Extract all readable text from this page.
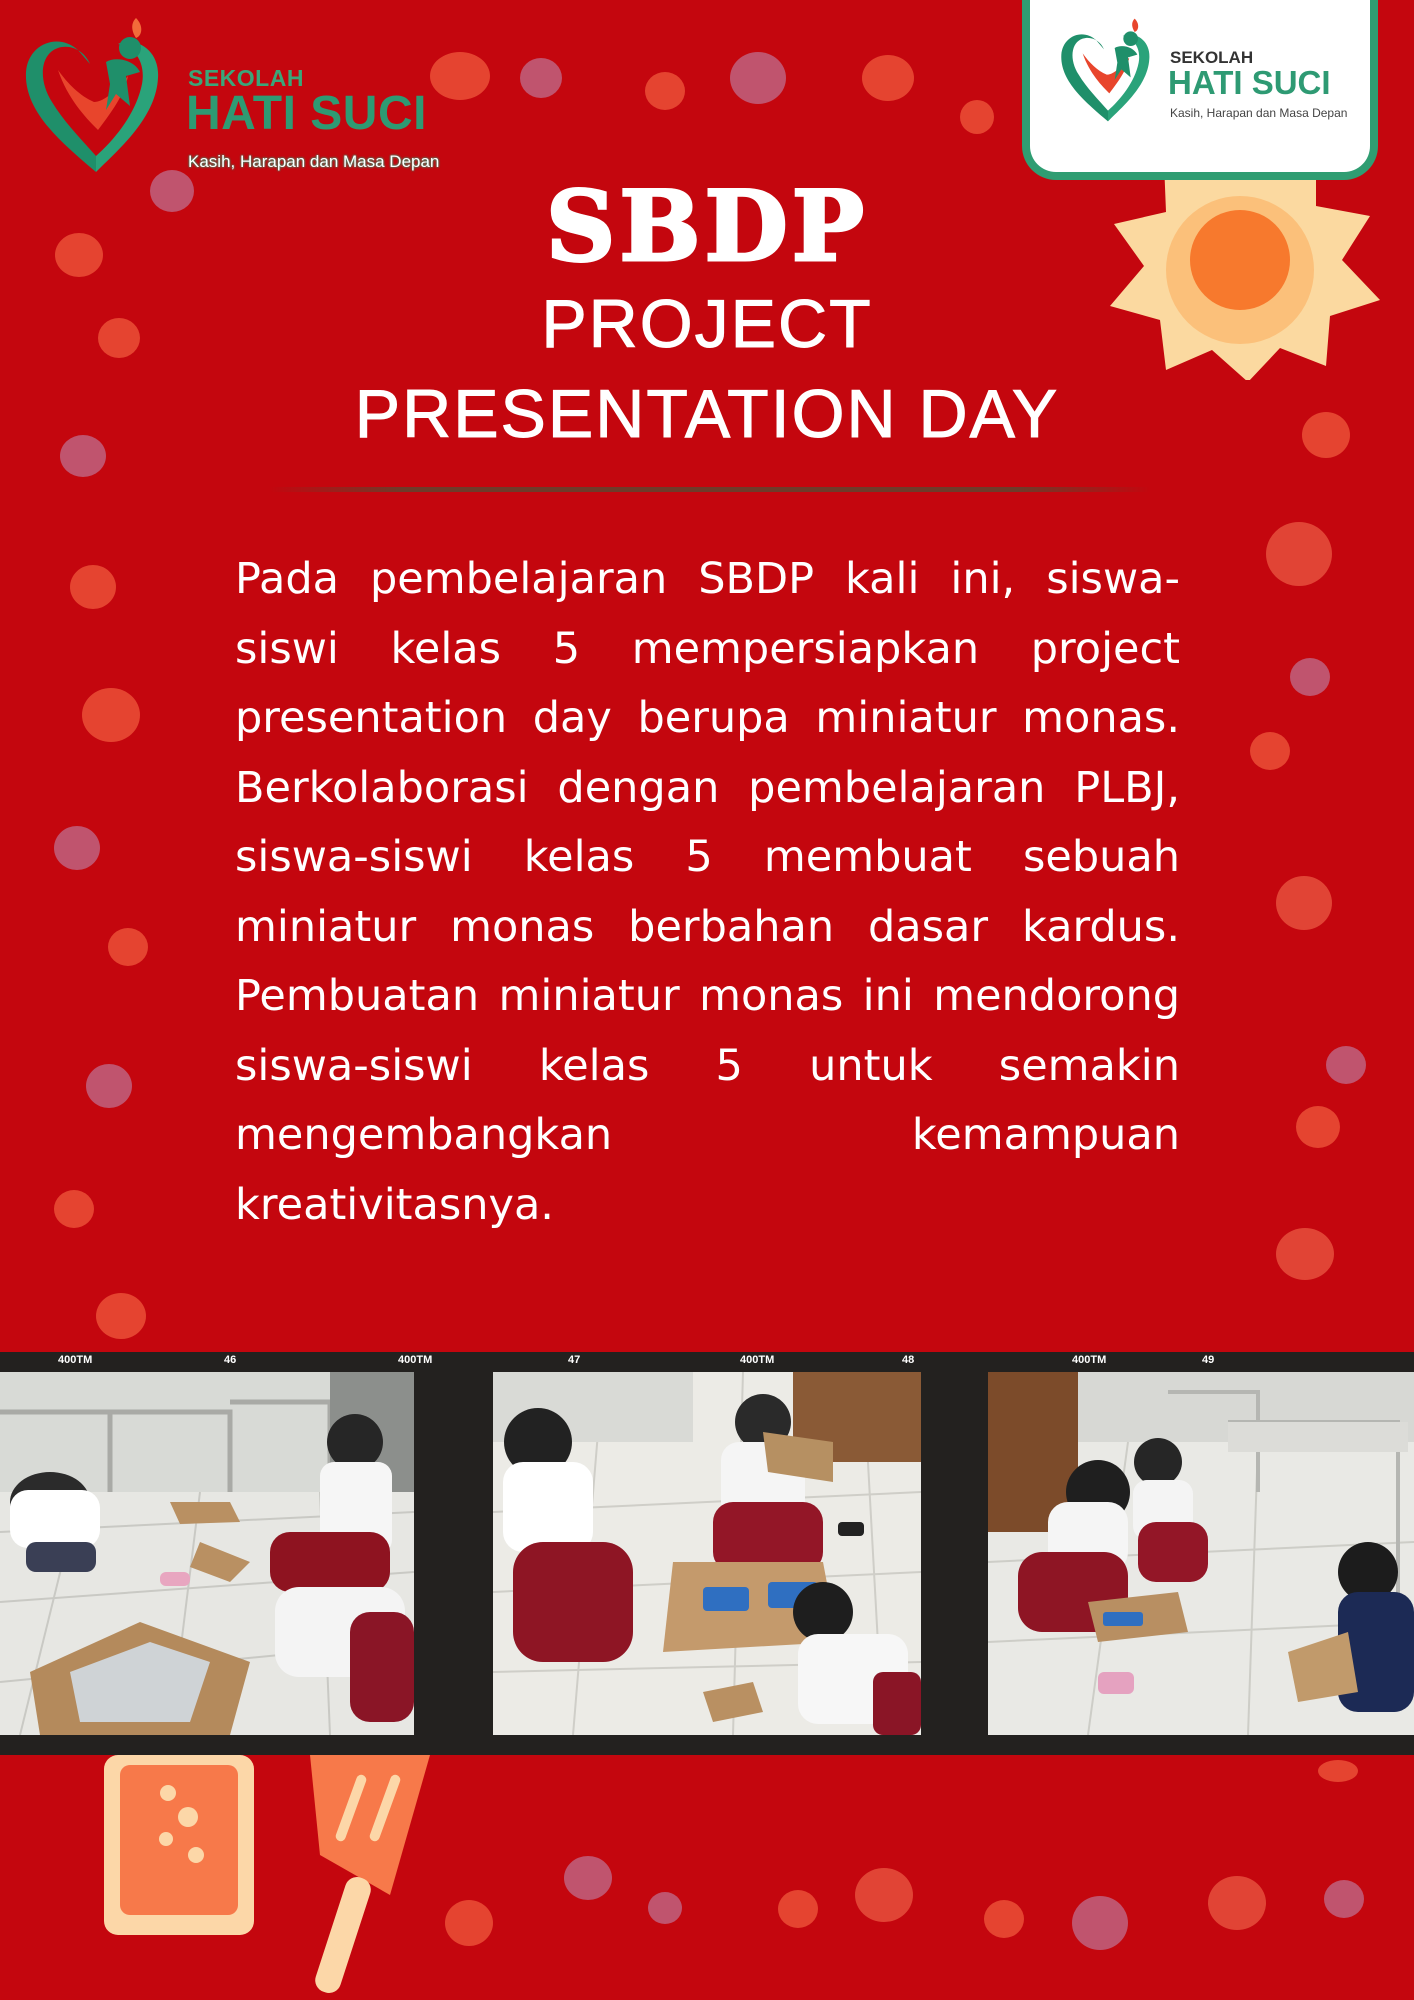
SEKOLAH
HATI SUCI
Kasih, Harapan dan Masa Depan
SEKOLAH
HATI SUCI
Kasih, Harapan dan Masa Depan
SBDP
PROJECT
PRESENTATION DAY
Pada pembelajaran SBDP kali ini, siswa-siswi kelas 5 mempersiapkan project presentation day berupa miniatur monas. Berkolaborasi dengan pembelajaran PLBJ, siswa-siswi kelas 5 membuat sebuah miniatur monas berbahan dasar kardus. Pembuatan miniatur monas ini mendorong siswa-siswi kelas 5 untuk semakin mengembangkan kemampuan kreativitasnya.
400TM	46	400TM	47	400TM	48	400TM	49
